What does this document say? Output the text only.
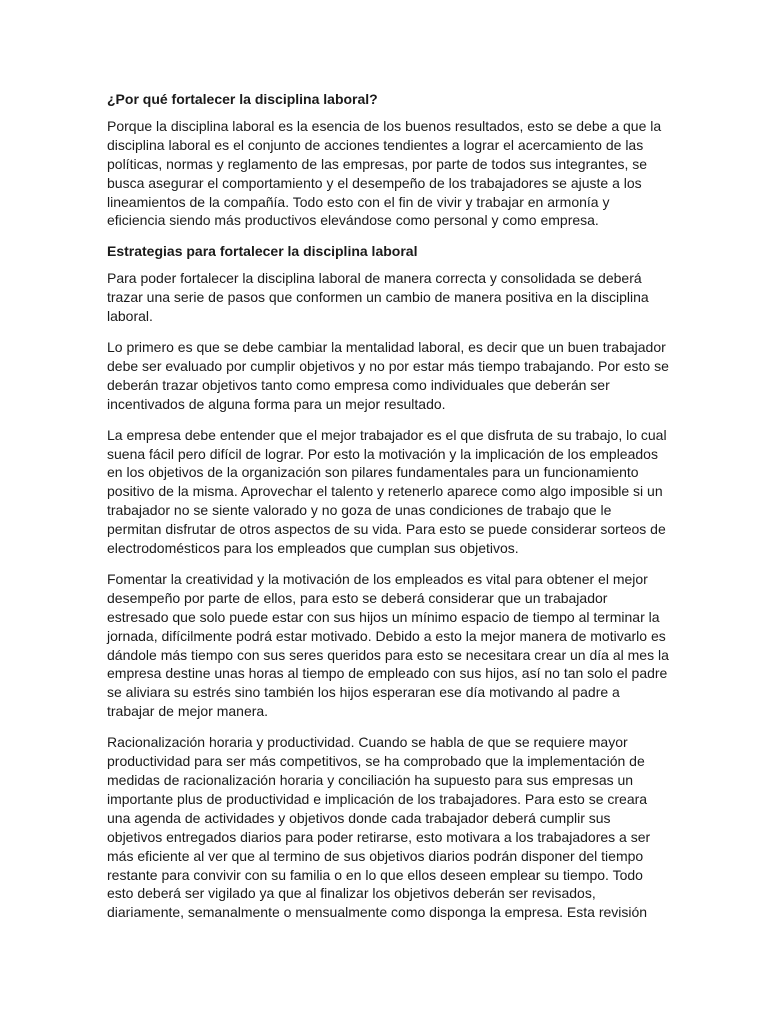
¿Por qué fortalecer la disciplina laboral?
Porque la disciplina laboral es la esencia de los buenos resultados, esto se debe a que la
disciplina laboral es el conjunto de acciones tendientes a lograr el acercamiento de las
políticas, normas y reglamento de las empresas, por parte de todos sus integrantes, se
busca asegurar el comportamiento y el desempeño de los trabajadores se ajuste a los
lineamientos de la compañía. Todo esto con el fin de vivir y trabajar en armonía y
eficiencia siendo más productivos elevándose como personal y como empresa.
Estrategias para fortalecer la disciplina laboral
Para poder fortalecer la disciplina laboral de manera correcta y consolidada se deberá
trazar una serie de pasos que conformen un cambio de manera positiva en la disciplina
laboral.
Lo primero es que se debe cambiar la mentalidad laboral, es decir que un buen trabajador
debe ser evaluado por cumplir objetivos y no por estar más tiempo trabajando. Por esto se
deberán trazar objetivos tanto como empresa como individuales que deberán ser
incentivados de alguna forma para un mejor resultado.
La empresa debe entender que el mejor trabajador es el que disfruta de su trabajo, lo cual
suena fácil pero difícil de lograr. Por esto la motivación y la implicación de los empleados
en los objetivos de la organización son pilares fundamentales para un funcionamiento
positivo de la misma. Aprovechar el talento y retenerlo aparece como algo imposible si un
trabajador no se siente valorado y no goza de unas condiciones de trabajo que le
permitan disfrutar de otros aspectos de su vida. Para esto se puede considerar sorteos de
electrodomésticos para los empleados que cumplan sus objetivos.
Fomentar la creatividad y la motivación de los empleados es vital para obtener el mejor
desempeño por parte de ellos, para esto se deberá considerar que un trabajador
estresado que solo puede estar con sus hijos un mínimo espacio de tiempo al terminar la
jornada, difícilmente podrá estar motivado. Debido a esto la mejor manera de motivarlo es
dándole más tiempo con sus seres queridos para esto se necesitara crear un día al mes la
empresa destine unas horas al tiempo de empleado con sus hijos, así no tan solo el padre
se aliviara su estrés sino también los hijos esperaran ese día motivando al padre a
trabajar de mejor manera.
Racionalización horaria y productividad. Cuando se habla de que se requiere mayor
productividad para ser más competitivos, se ha comprobado que la implementación de
medidas de racionalización horaria y conciliación ha supuesto para sus empresas un
importante plus de productividad e implicación de los trabajadores. Para esto se creara
una agenda de actividades y objetivos donde cada trabajador deberá cumplir sus
objetivos entregados diarios para poder retirarse, esto motivara a los trabajadores a ser
más eficiente al ver que al termino de sus objetivos diarios podrán disponer del tiempo
restante para convivir con su familia o en lo que ellos deseen emplear su tiempo. Todo
esto deberá ser vigilado ya que al finalizar los objetivos deberán ser revisados,
diariamente, semanalmente o mensualmente como disponga la empresa. Esta revisión
